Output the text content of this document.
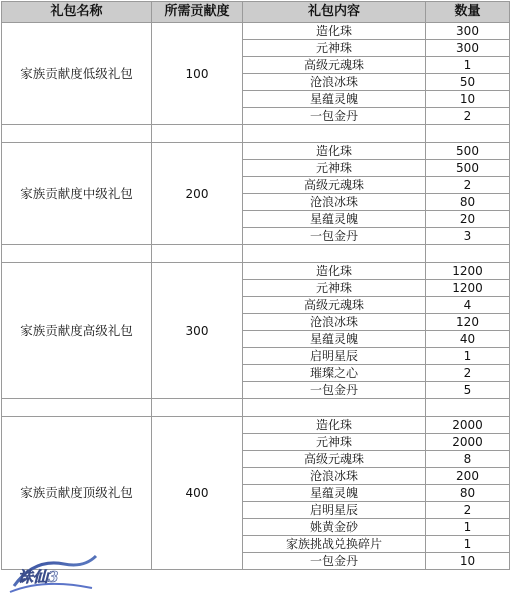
礼包名称	所需贡献度	礼包内容	数量
家族贡献度低级礼包	100	造化珠	300
		元神珠	300
		高级元魂珠	1
		沧浪冰珠	50
		星蕴灵魄	10
		一包金丹	2

家族贡献度中级礼包	200	造化珠	500
		元神珠	500
		高级元魂珠	2
		沧浪冰珠	80
		星蕴灵魄	20
		一包金丹	3

家族贡献度高级礼包	300	造化珠	1200
		元神珠	1200
		高级元魂珠	4
		沧浪冰珠	120
		星蕴灵魄	40
		启明星辰	1
		璀璨之心	2
		一包金丹	5

家族贡献度顶级礼包	400	造化珠	2000
		元神珠	2000
		高级元魂珠	8
		沧浪冰珠	200
		星蕴灵魄	80
		启明星辰	2
		姚黄金砂	1
		家族挑战兑换碎片	1
		一包金丹	10
诛仙3
